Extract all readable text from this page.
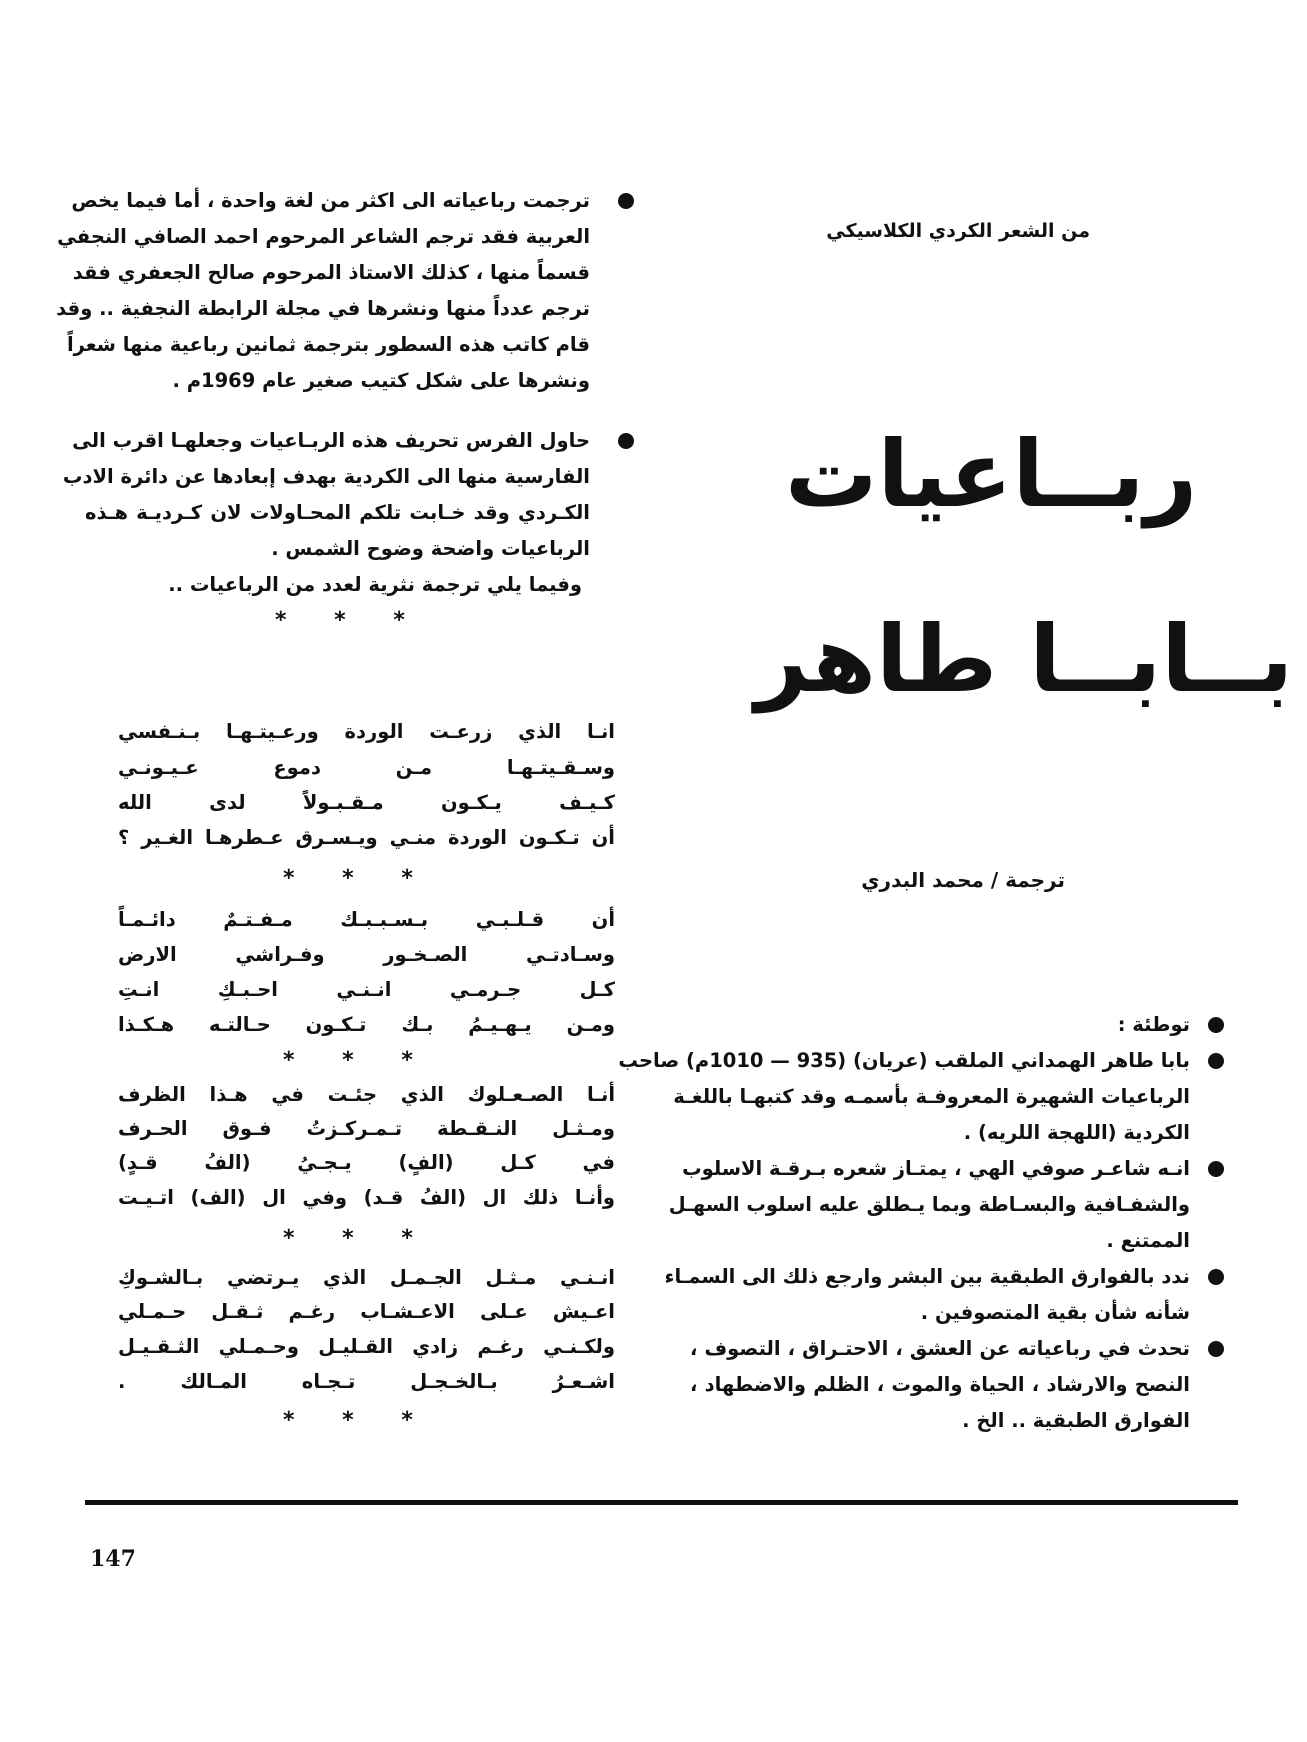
ترجمت رباعياته الى اكثر من لغة واحدة ، أما فيما يخص
العربية فقد ترجم الشاعر المرحوم احمد الصافي النجفي
قسماً منها ، كذلك الاستاذ المرحوم صالح الجعفري فقد
ترجم عدداً منها ونشرها في مجلة الرابطة النجفية .. وقد
قام كاتب هذه السطور بترجمة ثمانين رباعية منها شعراً
ونشرها على شكل كتيب صغير عام 1969م .
حاول الفرس تحريف هذه الربـاعيات وجعلهـا اقرب الى
الفارسية منها الى الكردية بهدف إبعادها عن دائرة الادب
الكـردي وقد خـابت تلكم المحـاولات لان كـرديـة هـذه
الرباعيات واضحة وضوح الشمس .
وفيما يلي ترجمة نثرية لعدد من الرباعيات ..
* * *
من الشعر الكردي الكلاسيكي
ربــاعيات
بــابــا طاهر
ترجمة / محمد البدري
توطئة :
بابا طاهر الهمداني الملقب (عريان) (935 — 1010م) صاحب
الرباعيات الشهيرة المعروفـة بأسمـه وقد كتبهـا باللغـة
الكردية (اللهجة اللريه) .
انـه شاعـر صوفي الهي ، يمتـاز شعره بـرقـة الاسلوب
والشفـافية والبسـاطة وبما يـطلق عليه اسلوب السهـل
الممتنع .
ندد بالفوارق الطبقية بين البشر وارجع ذلك الى السمـاء
شأنه شأن بقية المتصوفين .
تحدث في رباعياته عن العشق ، الاحتـراق ، التصوف ،
النصح والارشاد ، الحياة والموت ، الظلم والاضطهاد ،
الفوارق الطبقية .. الخ .
انـا الذي زرعـت الوردة ورعـيتـهـا بـنـفسي
وسـقـيتـهـا مـن دموع عـيـونـي
كـيـف يـكـون مـقـبـولاً لدى الله
أن تـكـون الوردة منـي ويـسـرق عـطرهـا الغـير ؟
* * *
أن قـلـبـي بـسـبـبـك مـفـتـمٌ دائـمـاً
وسـادتـي الصـخـور وفـراشي الارض
كـل جـرمـي انـنـي احـبـكِ انـتِ
ومـن يـهـيـمُ بـك تـكـون حـالتـه هـكـذا
* * *
أنـا الصـعـلوك الذي جئـت في هـذا الظرف
ومـثـل النـقـطة تـمـركـزتُ فـوق الحـرف
في كـل (الفٍ) يـجـيُ (الفُ قـدٍ)
وأنـا ذلك ال (الفُ قـد) وفي ال (الف) اتـيـت
* * *
انـنـي مـثـل الجـمـل الذي يـرتضي بـالشـوكِ
اعـيش عـلى الاعـشـاب رغـم ثـقـل حـمـلي
ولكـنـي رغـم زادي القـليـل وحـمـلي الثـقـيـل
اشـعـرُ بـالخـجـل تـجـاه المـالك .
* * *
147
